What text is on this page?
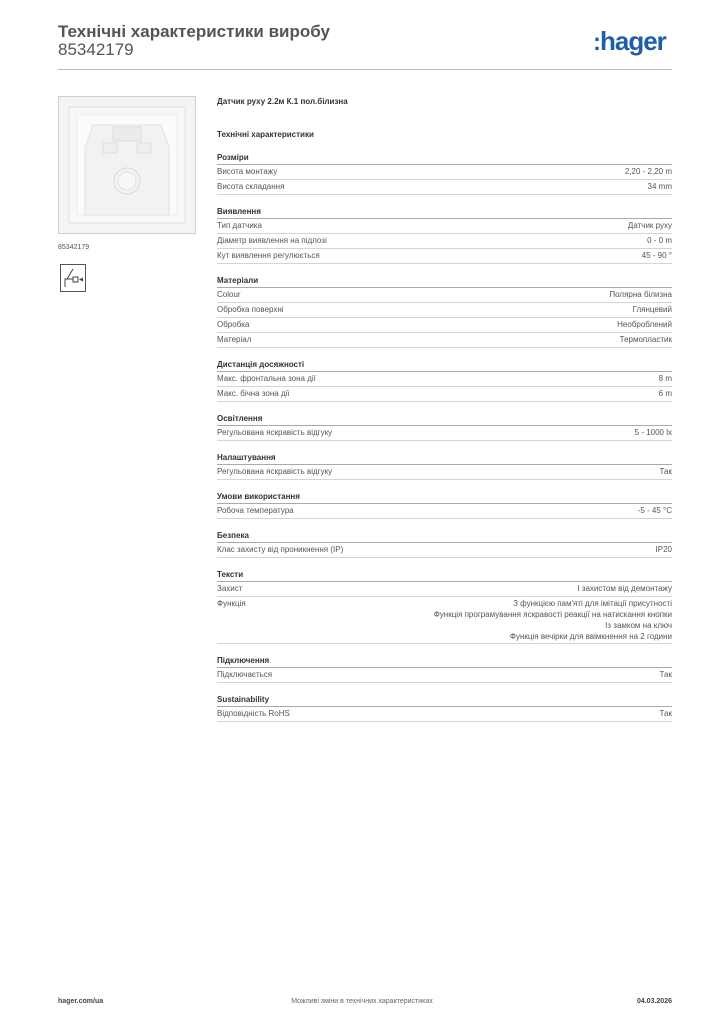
Технічні характеристики виробу
85342179	:hager
85342179
Датчик руху 2.2м К.1 пол.білизна
Технічні характеристики
Розміри
Висота монтажу	2,20 - 2,20 m
Висота складання	34 mm
Виявлення
Тип датчика	Датчик руху
Діаметр виявлення на підлозі	0 - 0 m
Кут виявлення регулюється	45 - 90 °
Матеріали
Colour	Полярна білизна
Обробка поверхні	Глянцевий
Обробка	Необроблений
Матеріал	Термопластик
Дистанція досяжності
Макс. фронтальна зона дії	8 m
Макс. бічна зона дії	6 m
Освітлення
Регульована яскравість відгуку	5 - 1000 lx
Налаштування
Регульована яскравість відгуку	Так
Умови використання
Робоча температура	-5 - 45 °C
Безпека
Клас захисту від проникнення (IP)	IP20
Тексти
Захист	І захистом від демонтажу
Функція	З функцією пам'яті для імітації присутності
Функція програмування яскравості реакції на натискання кнопки
Із замком на ключ
Функція вечірки для ввімкнення на 2 години
Підключення
Підключається	Так
Sustainability
Відповідність RoHS	Так
hager.com/ua	Можливі зміни в технічних характеристиках	04.03.2026
